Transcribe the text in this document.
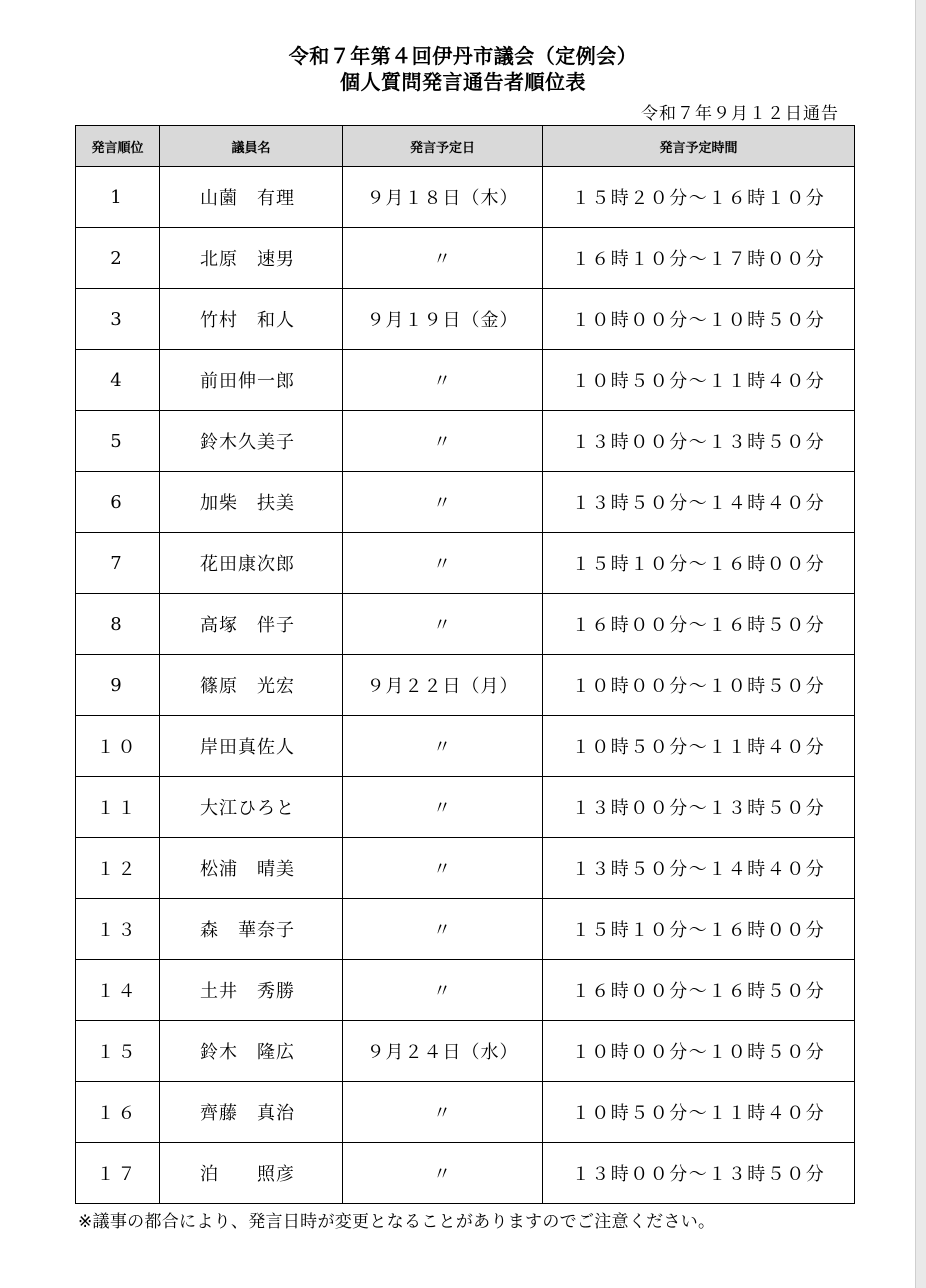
令和７年第４回伊丹市議会（定例会）
個人質問発言通告者順位表
令和７年９月１２日通告
発言順位	議員名	発言予定日	発言予定時間
1	山薗　有理	９月１８日（木）	１５時２０分～１６時１０分
2	北原　速男	〃	１６時１０分～１７時００分
3	竹村　和人	９月１９日（金）	１０時００分～１０時５０分
4	前田伸一郎	〃	１０時５０分～１１時４０分
5	鈴木久美子	〃	１３時００分～１３時５０分
6	加柴　扶美	〃	１３時５０分～１４時４０分
7	花田康次郎	〃	１５時１０分～１６時００分
8	高塚　伴子	〃	１６時００分～１６時５０分
9	篠原　光宏	９月２２日（月）	１０時００分～１０時５０分
１０	岸田真佐人	〃	１０時５０分～１１時４０分
１１	大江ひろと	〃	１３時００分～１３時５０分
１２	松浦　晴美	〃	１３時５０分～１４時４０分
１３	森　華奈子	〃	１５時１０分～１６時００分
１４	土井　秀勝	〃	１６時００分～１６時５０分
１５	鈴木　隆広	９月２４日（水）	１０時００分～１０時５０分
１６	齊藤　真治	〃	１０時５０分～１１時４０分
１７	泊　　照彦	〃	１３時００分～１３時５０分
※議事の都合により、発言日時が変更となることがありますのでご注意ください。
